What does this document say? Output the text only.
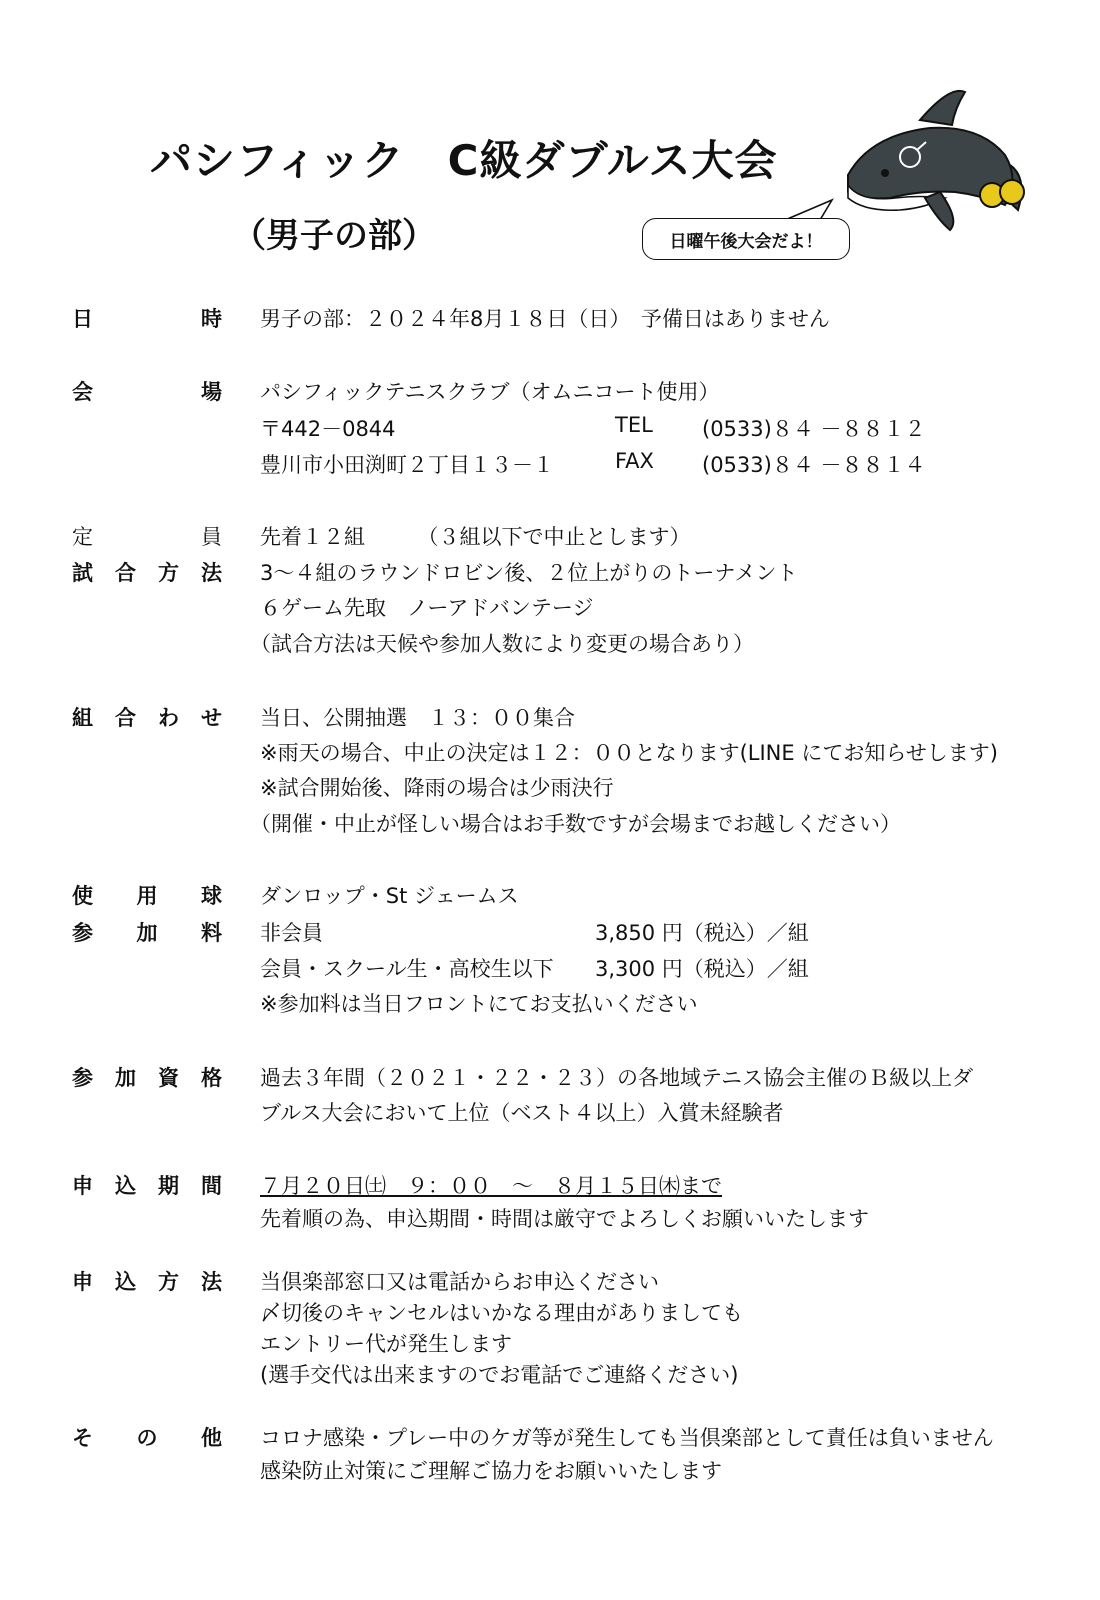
パシフィック　C級ダブルス大会
（男子の部）	日曜午後大会だよ！
日	時 男子の部：２０２４年8月１８日（日）　予備日はありません
会	場 パシフィックテニスクラブ（オムニコート使用）
〒442－0844	TEL (0533)８４ －８８１２
豊川市小田渕町２丁目１３－１	FAX (0533)８４ －８８１４
定	員 先着１２組　　　（３組以下で中止とします）
試 合 方 法 3～４組のラウンドロビン後、２位上がりのトーナメント
６ゲーム先取　ノーアドバンテージ
（試合方法は天候や参加人数により変更の場合あり）
組 合 わ せ 当日、公開抽選　１３：００集合
※雨天の場合、中止の決定は１２：００となります(LINE にてお知らせします)
※試合開始後、降雨の場合は少雨決行
（開催・中止が怪しい場合はお手数ですが会場までお越しください）
使 用 球 ダンロップ・St ジェームス
参 加 料 非会員	3,850 円（税込）／組
会員・スクール生・高校生以下 3,300 円（税込）／組
※参加料は当日フロントにてお支払いください
参 加 資 格 過去３年間（２０２１・２２・２３）の各地域テニス協会主催のＢ級以上ダ
ブルス大会において上位（ベスト４以上）入賞未経験者
申 込 期 間 ７月２０日㈯　９：００　～　８月１５日㈭まで
先着順の為、申込期間・時間は厳守でよろしくお願いいたします
申 込 方 法 当倶楽部窓口又は電話からお申込ください
〆切後のキャンセルはいかなる理由がありましても
エントリー代が発生します
(選手交代は出来ますのでお電話でご連絡ください)
そ の 他 コロナ感染・プレー中のケガ等が発生しても当倶楽部として責任は負いません
感染防止対策にご理解ご協力をお願いいたします
